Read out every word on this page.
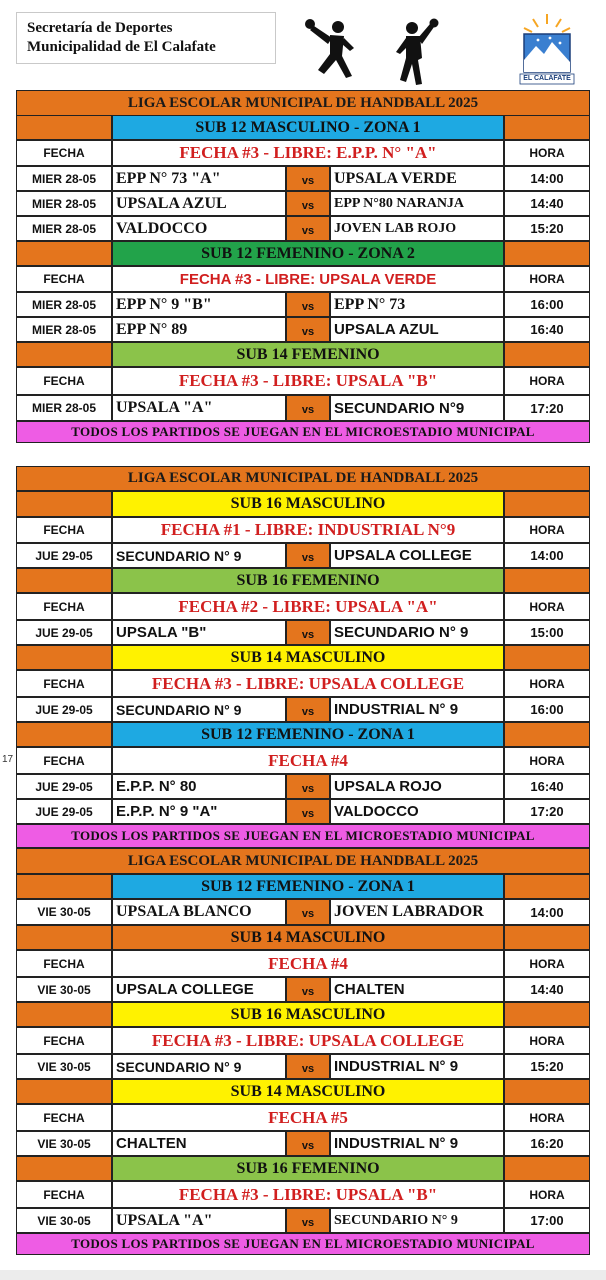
Secretaría de Deportes
Municipalidad de El Calafate
EL CALAFATE
17
LIGA ESCOLAR MUNICIPAL DE HANDBALL 2025
SUB 12 MASCULINO - ZONA 1
FECHA	FECHA #3 - LIBRE: E.P.P. N° "A"	HORA
MIER 28-05	EPP N° 73 "A"	vs	UPSALA VERDE	14:00
MIER 28-05	UPSALA AZUL	vs	EPP N°80 NARANJA	14:40
MIER 28-05	VALDOCCO	vs	JOVEN LAB ROJO	15:20
SUB 12 FEMENINO - ZONA 2
FECHA	FECHA #3 - LIBRE: UPSALA VERDE	HORA
MIER 28-05	EPP N° 9 "B"	vs	EPP N° 73	16:00
MIER 28-05	EPP N° 89	vs	UPSALA AZUL	16:40
SUB 14 FEMENINO
FECHA	FECHA #3 - LIBRE: UPSALA "B"	HORA
MIER 28-05	UPSALA "A"	vs	SECUNDARIO N°9	17:20
TODOS LOS PARTIDOS SE JUEGAN EN EL MICROESTADIO MUNICIPAL
LIGA ESCOLAR MUNICIPAL DE HANDBALL 2025
SUB 16 MASCULINO
FECHA	FECHA #1 - LIBRE: INDUSTRIAL N°9	HORA
JUE 29-05	SECUNDARIO N° 9	vs	UPSALA COLLEGE	14:00
SUB 16 FEMENINO
FECHA	FECHA #2 - LIBRE: UPSALA "A"	HORA
JUE 29-05	UPSALA "B"	vs	SECUNDARIO N° 9	15:00
SUB 14 MASCULINO
FECHA	FECHA #3 - LIBRE: UPSALA COLLEGE	HORA
JUE 29-05	SECUNDARIO N° 9	vs	INDUSTRIAL N° 9	16:00
SUB 12 FEMENINO - ZONA 1
FECHA	FECHA #4	HORA
JUE 29-05	E.P.P. N° 80	vs	UPSALA ROJO	16:40
JUE 29-05	E.P.P. N° 9 "A"	vs	VALDOCCO	17:20
TODOS LOS PARTIDOS SE JUEGAN EN EL MICROESTADIO MUNICIPAL
LIGA ESCOLAR MUNICIPAL DE HANDBALL 2025
SUB 12 FEMENINO - ZONA 1
VIE 30-05	UPSALA BLANCO	vs	JOVEN LABRADOR	14:00
SUB 14 MASCULINO
FECHA	FECHA #4	HORA
VIE 30-05	UPSALA COLLEGE	vs	CHALTEN	14:40
SUB 16 MASCULINO
FECHA	FECHA #3 - LIBRE: UPSALA COLLEGE	HORA
VIE 30-05	SECUNDARIO N° 9	vs	INDUSTRIAL N° 9	15:20
SUB 14 MASCULINO
FECHA	FECHA #5	HORA
VIE 30-05	CHALTEN	vs	INDUSTRIAL N° 9	16:20
SUB 16 FEMENINO
FECHA	FECHA #3 - LIBRE: UPSALA "B"	HORA
VIE 30-05	UPSALA "A"	vs	SECUNDARIO N° 9	17:00
TODOS LOS PARTIDOS SE JUEGAN EN EL MICROESTADIO MUNICIPAL
